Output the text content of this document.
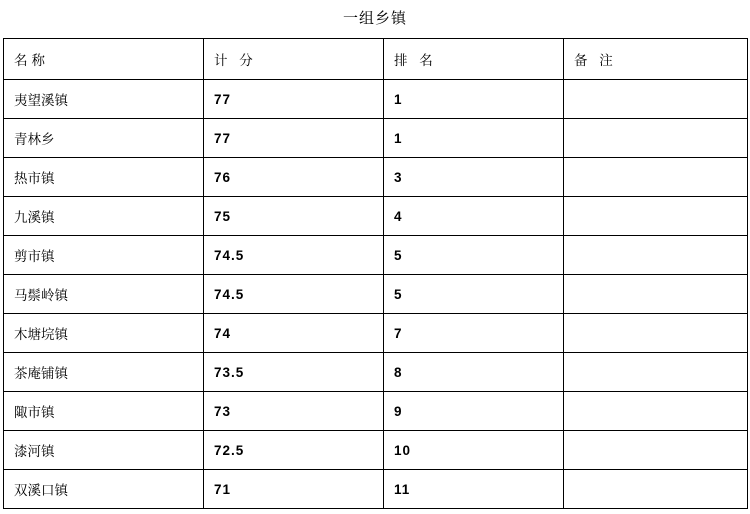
一组乡镇
名称	计 分	排 名	备 注
夷望溪镇	77	1	
青林乡	77	1	
热市镇	76	3	
九溪镇	75	4	
剪市镇	74.5	5	
马鬃岭镇	74.5	5	
木塘垸镇	74	7	
茶庵铺镇	73.5	8	
陬市镇	73	9	
漆河镇	72.5	10	
双溪口镇	71	11	
